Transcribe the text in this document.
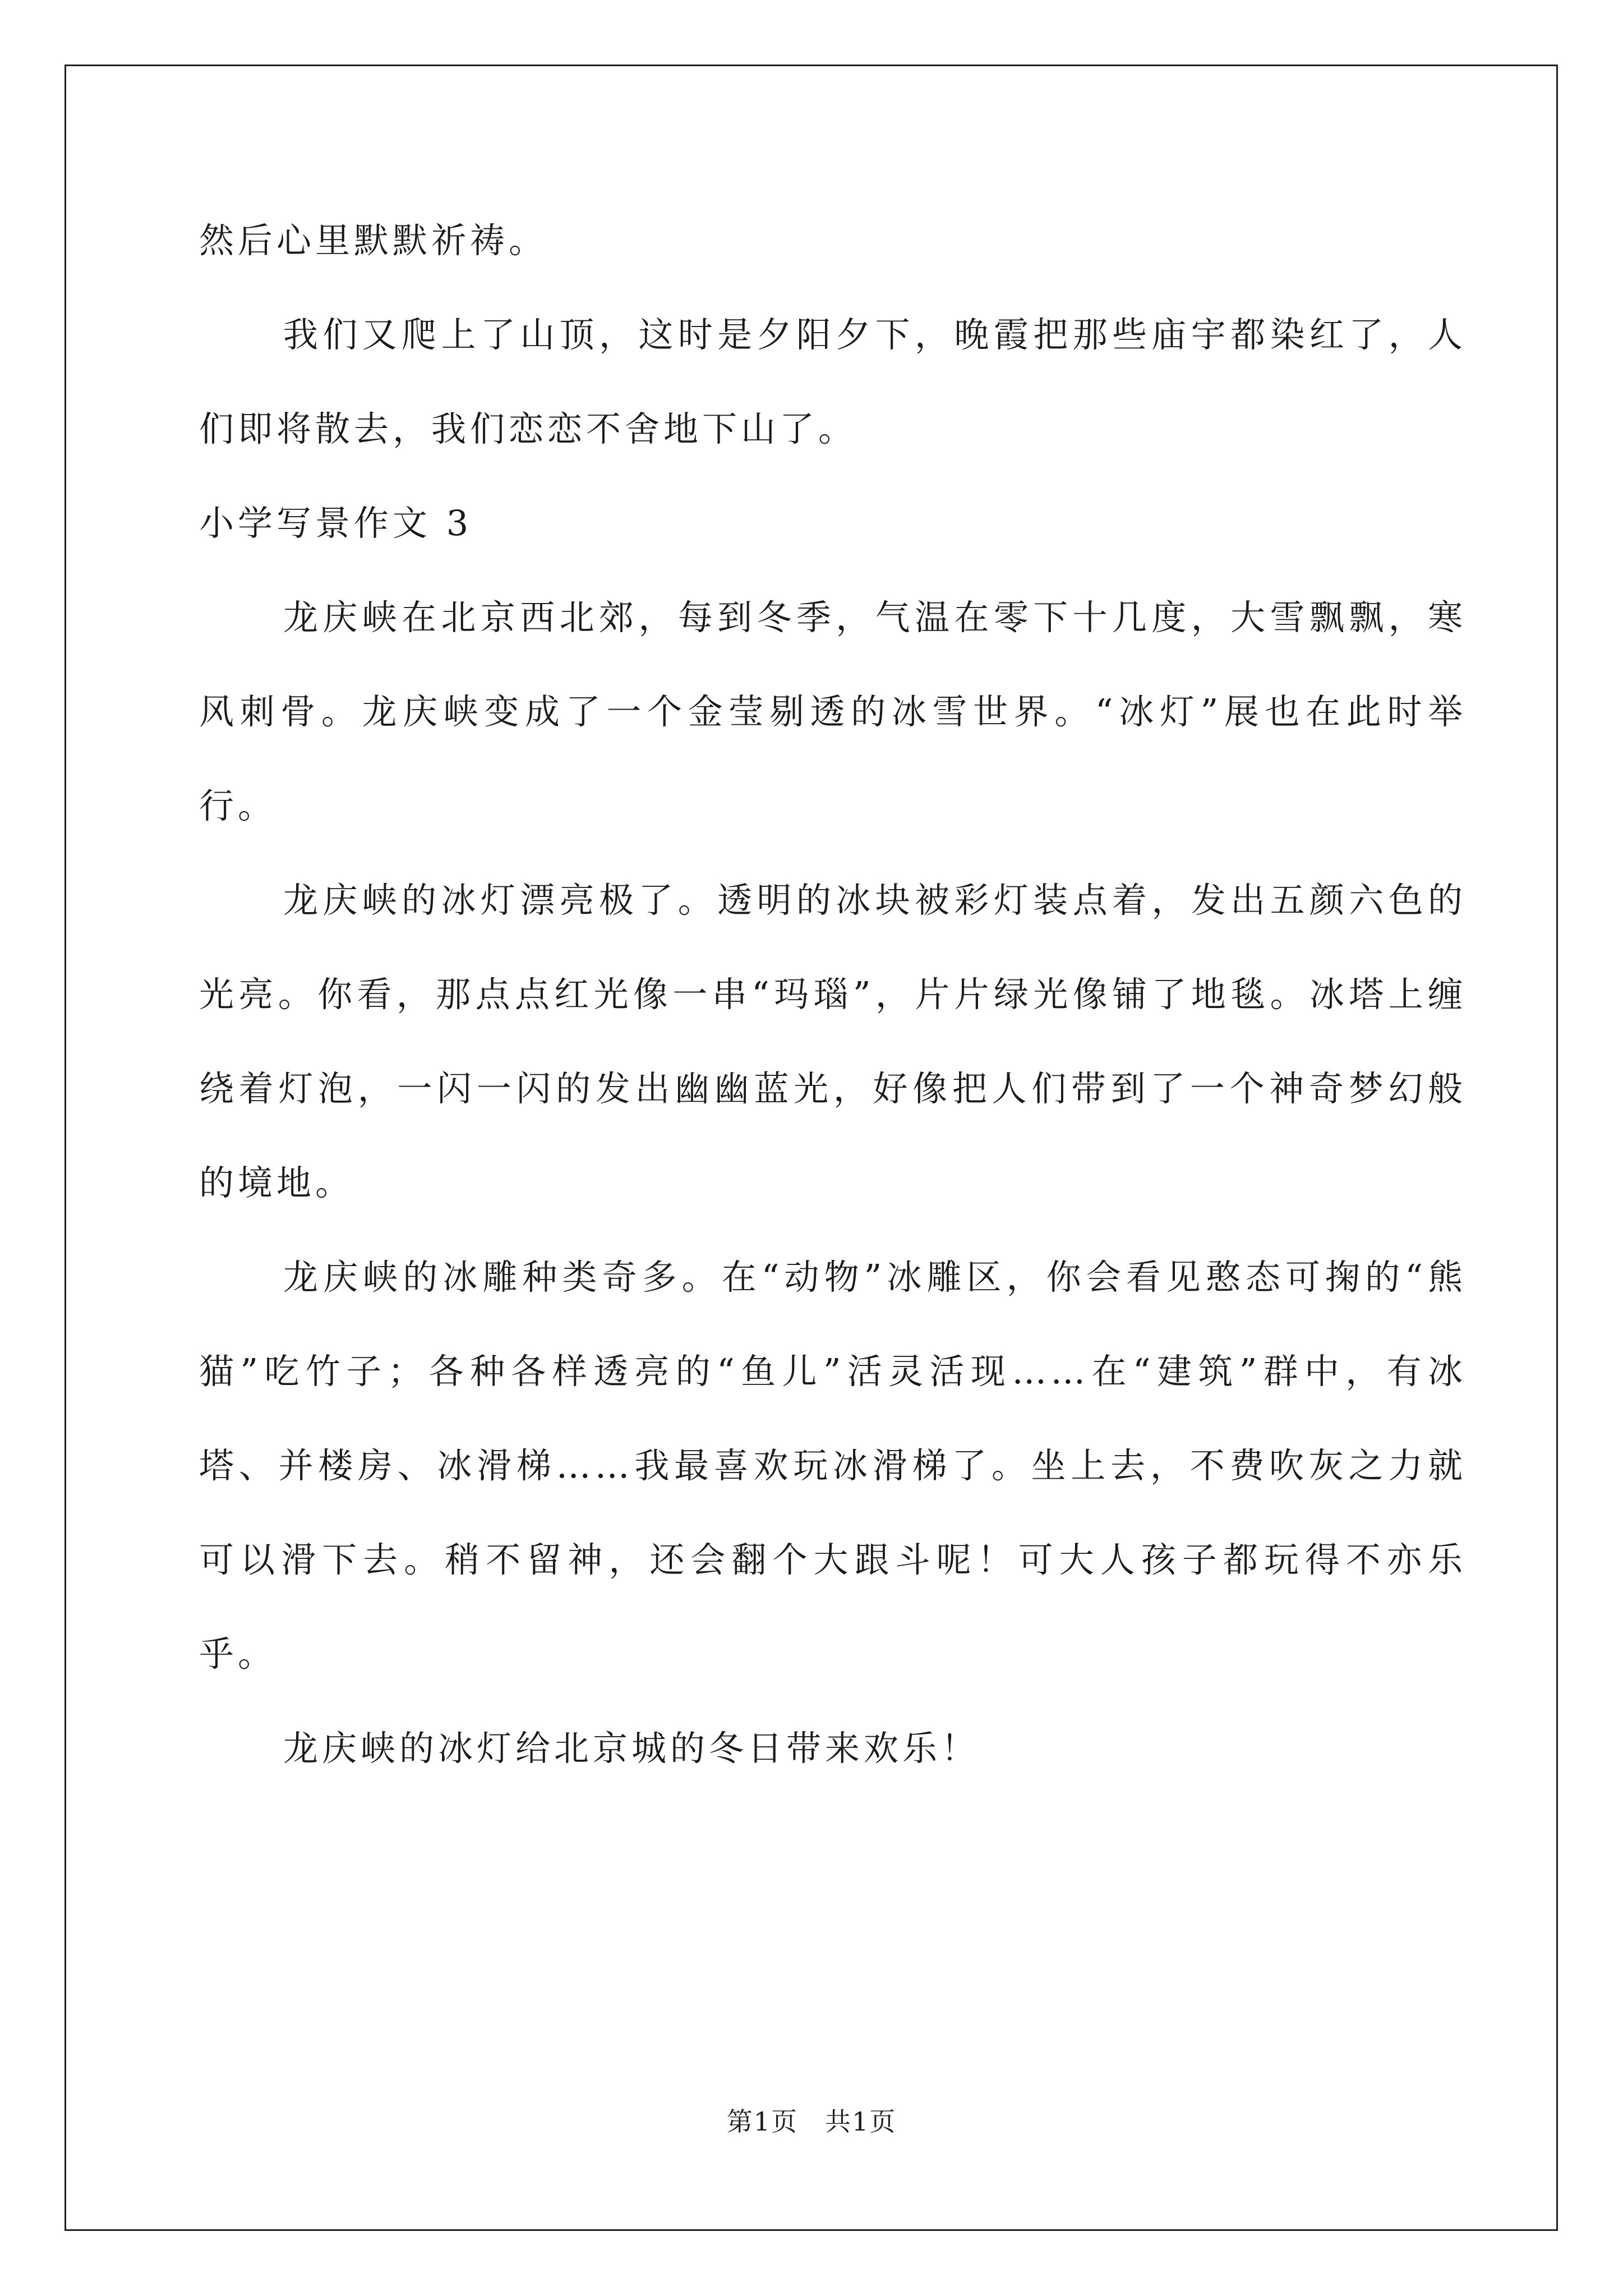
然后心里默默祈祷。

我们又爬上了山顶，这时是夕阳夕下，晚霞把那些庙宇都染红了，人们即将散去，我们恋恋不舍地下山了。

小学写景作文 3

龙庆峡在北京西北郊，每到冬季，气温在零下十几度，大雪飘飘，寒风刺骨。龙庆峡变成了一个金莹剔透的冰雪世界。“冰灯”展也在此时举行。

龙庆峡的冰灯漂亮极了。透明的冰块被彩灯装点着，发出五颜六色的光亮。你看，那点点红光像一串“玛瑙”，片片绿光像铺了地毯。冰塔上缠绕着灯泡，一闪一闪的发出幽幽蓝光，好像把人们带到了一个神奇梦幻般的境地。

龙庆峡的冰雕种类奇多。在“动物”冰雕区，你会看见憨态可掬的“熊猫”吃竹子；各种各样透亮的“鱼儿”活灵活现……在“建筑”群中，有冰塔、并楼房、冰滑梯……我最喜欢玩冰滑梯了。坐上去，不费吹灰之力就可以滑下去。稍不留神，还会翻个大跟斗呢！可大人孩子都玩得不亦乐乎。

龙庆峡的冰灯给北京城的冬日带来欢乐！

第1页 共1页
